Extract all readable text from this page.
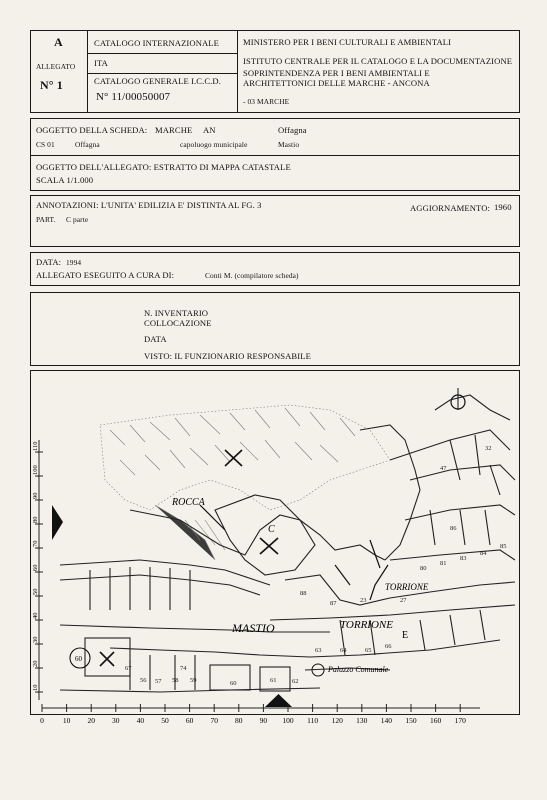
A
ALLEGATO
N° 1
CATALOGO INTERNAZIONALE
ITA
CATALOGO GENERALE I.C.C.D.
N° 11/00050007
MINISTERO PER I BENI CULTURALI E AMBIENTALI
ISTITUTO CENTRALE PER IL CATALOGO E LA DOCUMENTAZIONE
SOPRINTENDENZA PER I BENI AMBIENTALI E
ARCHITETTONICI DELLE MARCHE - ANCONA
- 03 MARCHE
OGGETTO DELLA SCHEDA: MARCHE AN	Offagna
CS 01	Offagna	capoluogo municipale	Mastio
OGGETTO DELL'ALLEGATO: ESTRATTO DI MAPPA CATASTALE
SCALA 1/1.000
ANNOTAZIONI: L'UNITA' EDILIZIA E' DISTINTA AL FG. 3	AGGIORNAMENTO: 1960
PART. C parte
DATA: 1994
ALLEGATO ESEGUITO A CURA DI:	Conti M. (compilatore scheda)
N. INVENTARIO
COLLOCAZIONE
DATA
VISTO: IL FUNZIONARIO RESPONSABILE
10
20
30
40
50
60
70
80
90
100
110
ROCCA
C
MASTIO
TORRIONE
TORRIONE
Palazzo Comunale
60
E
56 57 58 59	60	61 62
63	64	65
66
67	74
80
81
83
84
85
86
87
88
23	27
47
32
0	10 20 30 40 50 60 70 80 90 100 110 120 130 140 150 160 170
